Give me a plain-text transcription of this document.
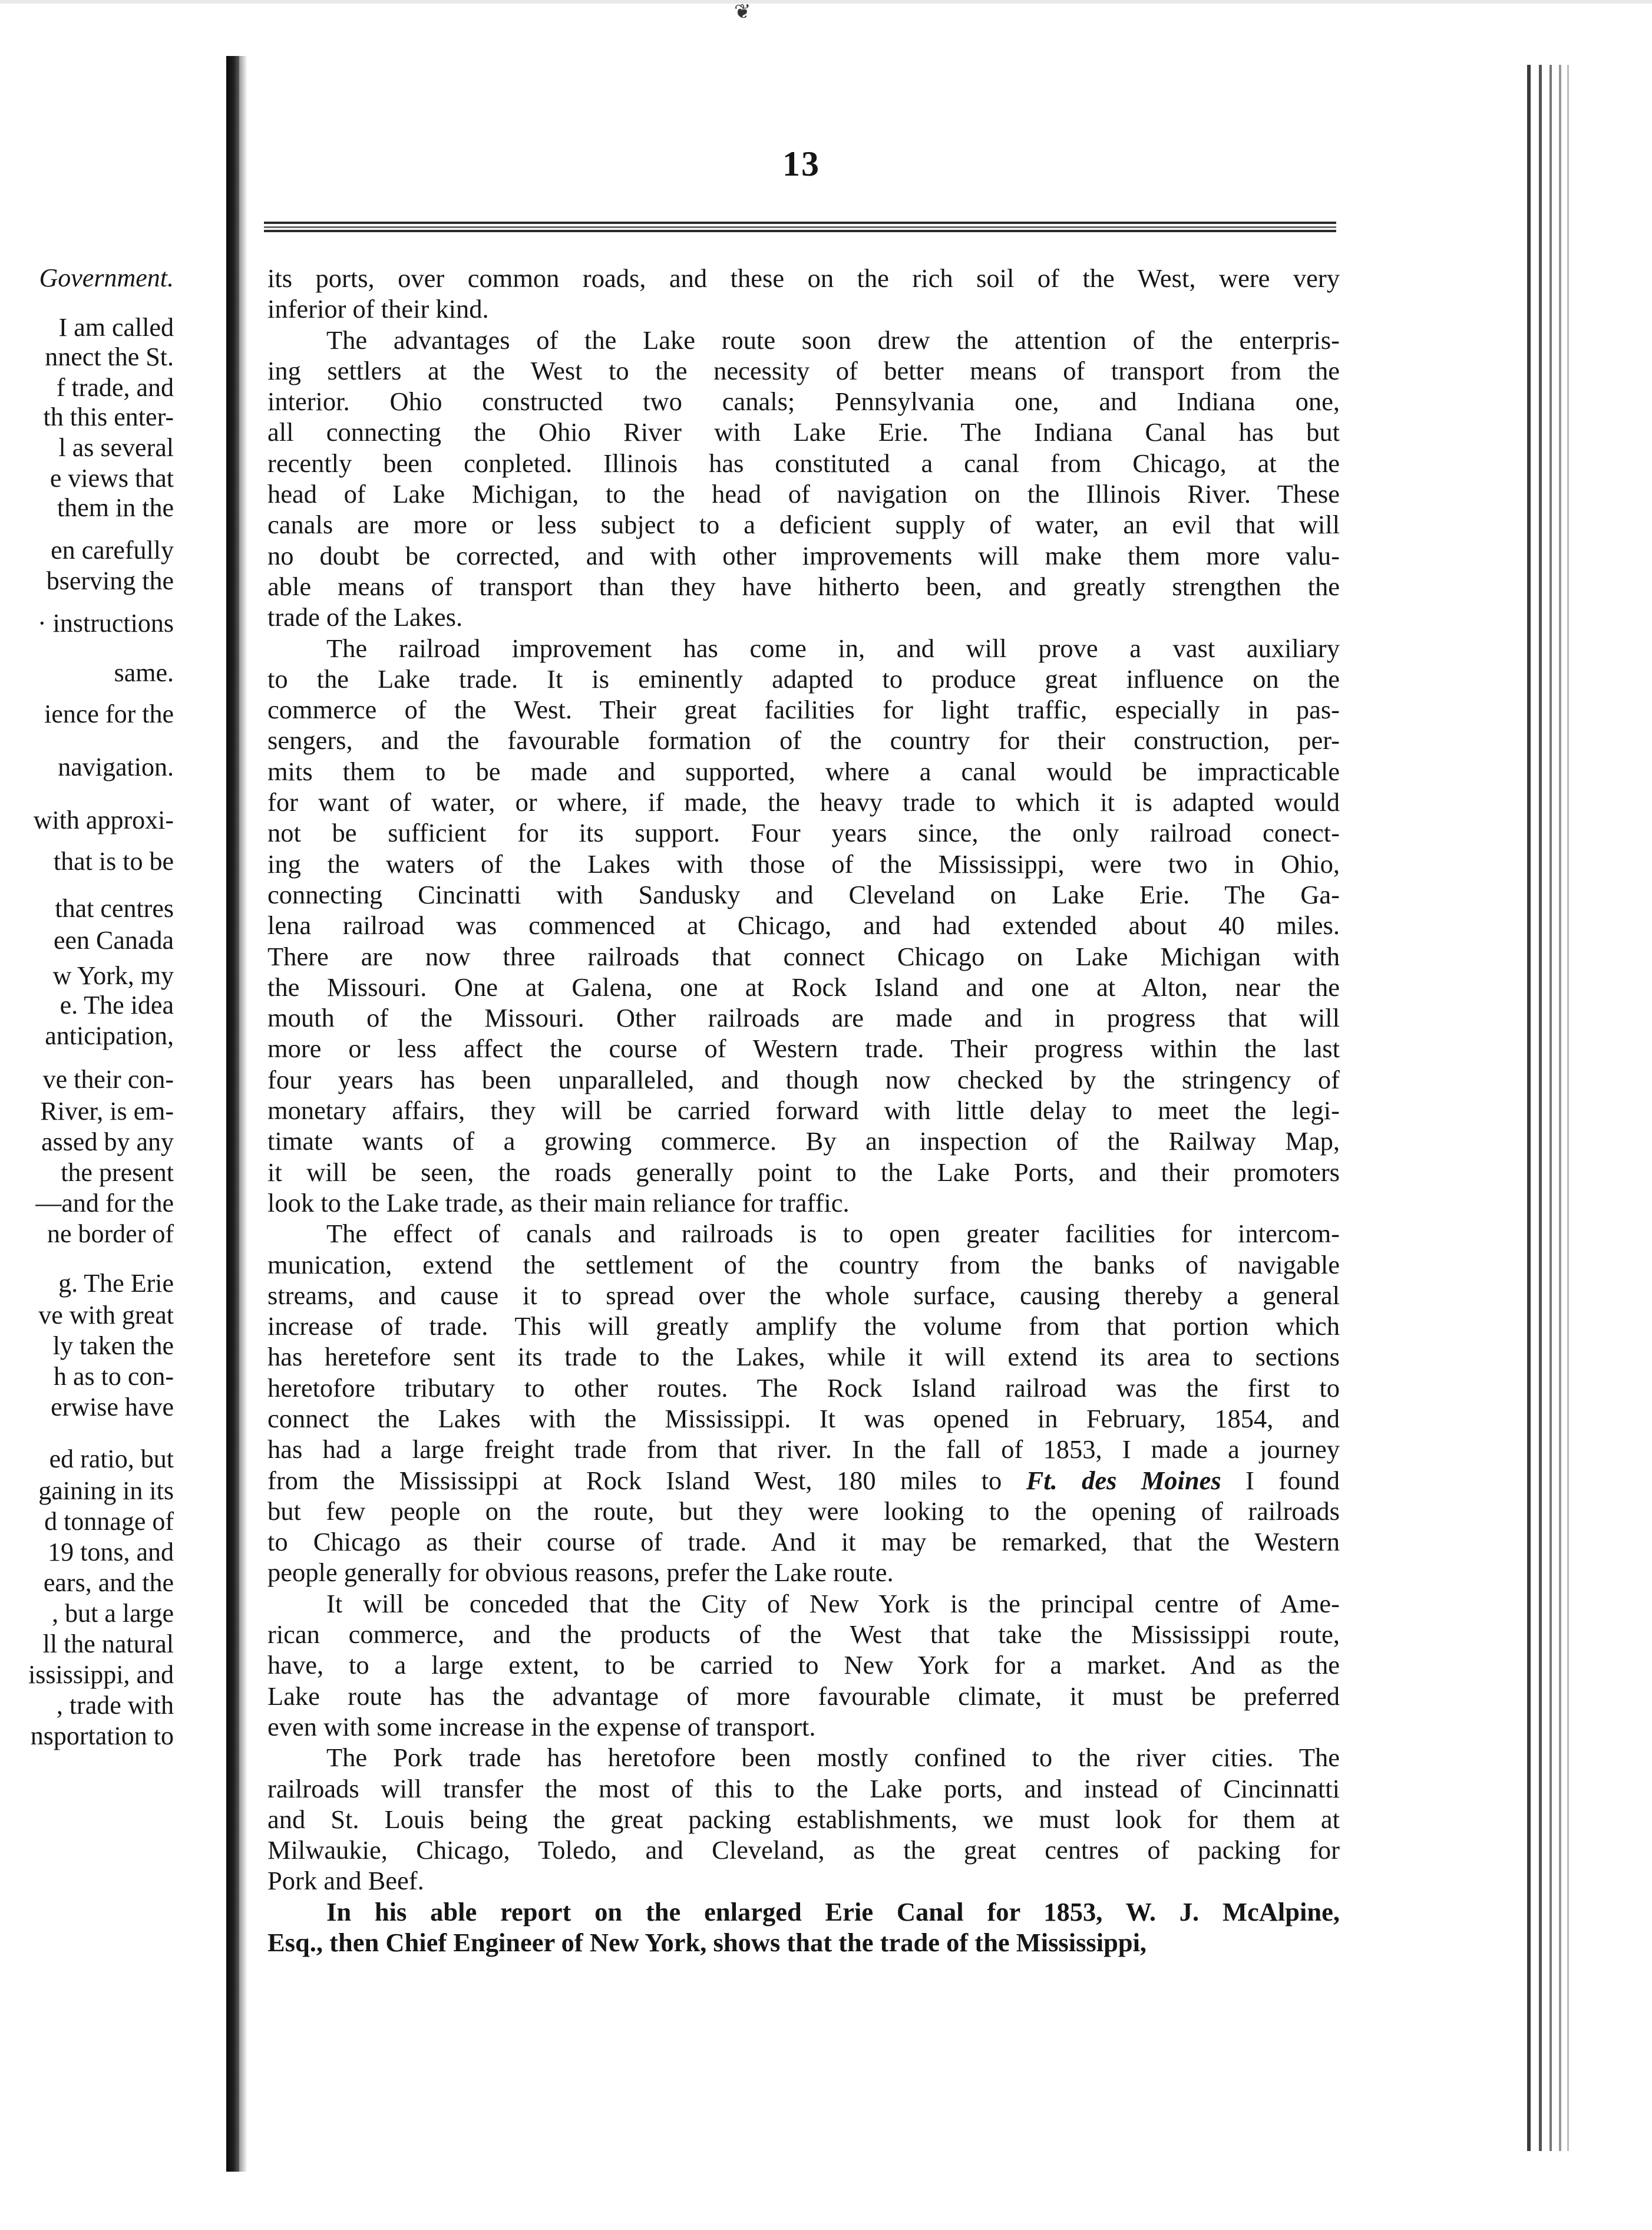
❦
Government.
I am called
nnect the St.
f trade, and
th this enter-
l as several
e views that
them in the
en carefully
bserving the
· instructions
same.
ience for the
navigation.
with approxi-
that is to be
that centres
een Canada
w York, my
e. The idea
anticipation,
ve their con-
River, is em-
assed by any
the present
—and for the
ne border of
g. The Erie
ve with great
ly taken the
h as to con-
erwise have
ed ratio, but
gaining in its
d tonnage of
19 tons, and
ears, and the
, but a large
ll the natural
ississippi, and
, trade with
nsportation to
13
its ports, over common roads, and these on the rich soil of the West, were very
inferior of their kind.
The advantages of the Lake route soon drew the attention of the enterpris-
ing settlers at the West to the necessity of better means of transport from the
interior. Ohio constructed two canals; Pennsylvania one, and Indiana one,
all connecting the Ohio River with Lake Erie. The Indiana Canal has but
recently been conpleted. Illinois has constituted a canal from Chicago, at the
head of Lake Michigan, to the head of navigation on the Illinois River. These
canals are more or less subject to a deficient supply of water, an evil that will
no doubt be corrected, and with other improvements will make them more valu-
able means of transport than they have hitherto been, and greatly strengthen the
trade of the Lakes.
The railroad improvement has come in, and will prove a vast auxiliary
to the Lake trade. It is eminently adapted to produce great influence on the
commerce of the West. Their great facilities for light traffic, especially in pas-
sengers, and the favourable formation of the country for their construction, per-
mits them to be made and supported, where a canal would be impracticable
for want of water, or where, if made, the heavy trade to which it is adapted would
not be sufficient for its support. Four years since, the only railroad conect-
ing the waters of the Lakes with those of the Mississippi, were two in Ohio,
connecting Cincinatti with Sandusky and Cleveland on Lake Erie. The Ga-
lena railroad was commenced at Chicago, and had extended about 40 miles.
There are now three railroads that connect Chicago on Lake Michigan with
the Missouri. One at Galena, one at Rock Island and one at Alton, near the
mouth of the Missouri. Other railroads are made and in progress that will
more or less affect the course of Western trade. Their progress within the last
four years has been unparalleled, and though now checked by the stringency of
monetary affairs, they will be carried forward with little delay to meet the legi-
timate wants of a growing commerce. By an inspection of the Railway Map,
it will be seen, the roads generally point to the Lake Ports, and their promoters
look to the Lake trade, as their main reliance for traffic.
The effect of canals and railroads is to open greater facilities for intercom-
munication, extend the settlement of the country from the banks of navigable
streams, and cause it to spread over the whole surface, causing thereby a general
increase of trade. This will greatly amplify the volume from that portion which
has heretefore sent its trade to the Lakes, while it will extend its area to sections
heretofore tributary to other routes. The Rock Island railroad was the first to
connect the Lakes with the Mississippi. It was opened in February, 1854, and
has had a large freight trade from that river. In the fall of 1853, I made a journey
from the Mississippi at Rock Island West, 180 miles to Ft. des Moines I found
but few people on the route, but they were looking to the opening of railroads
to Chicago as their course of trade. And it may be remarked, that the Western
people generally for obvious reasons, prefer the Lake route.
It will be conceded that the City of New York is the principal centre of Ame-
rican commerce, and the products of the West that take the Mississippi route,
have, to a large extent, to be carried to New York for a market. And as the
Lake route has the advantage of more favourable climate, it must be preferred
even with some increase in the expense of transport.
The Pork trade has heretofore been mostly confined to the river cities. The
railroads will transfer the most of this to the Lake ports, and instead of Cincinnatti
and St. Louis being the great packing establishments, we must look for them at
Milwaukie, Chicago, Toledo, and Cleveland, as the great centres of packing for
Pork and Beef.
In his able report on the enlarged Erie Canal for 1853, W. J. McAlpine,
Esq., then Chief Engineer of New York, shows that the trade of the Mississippi,
